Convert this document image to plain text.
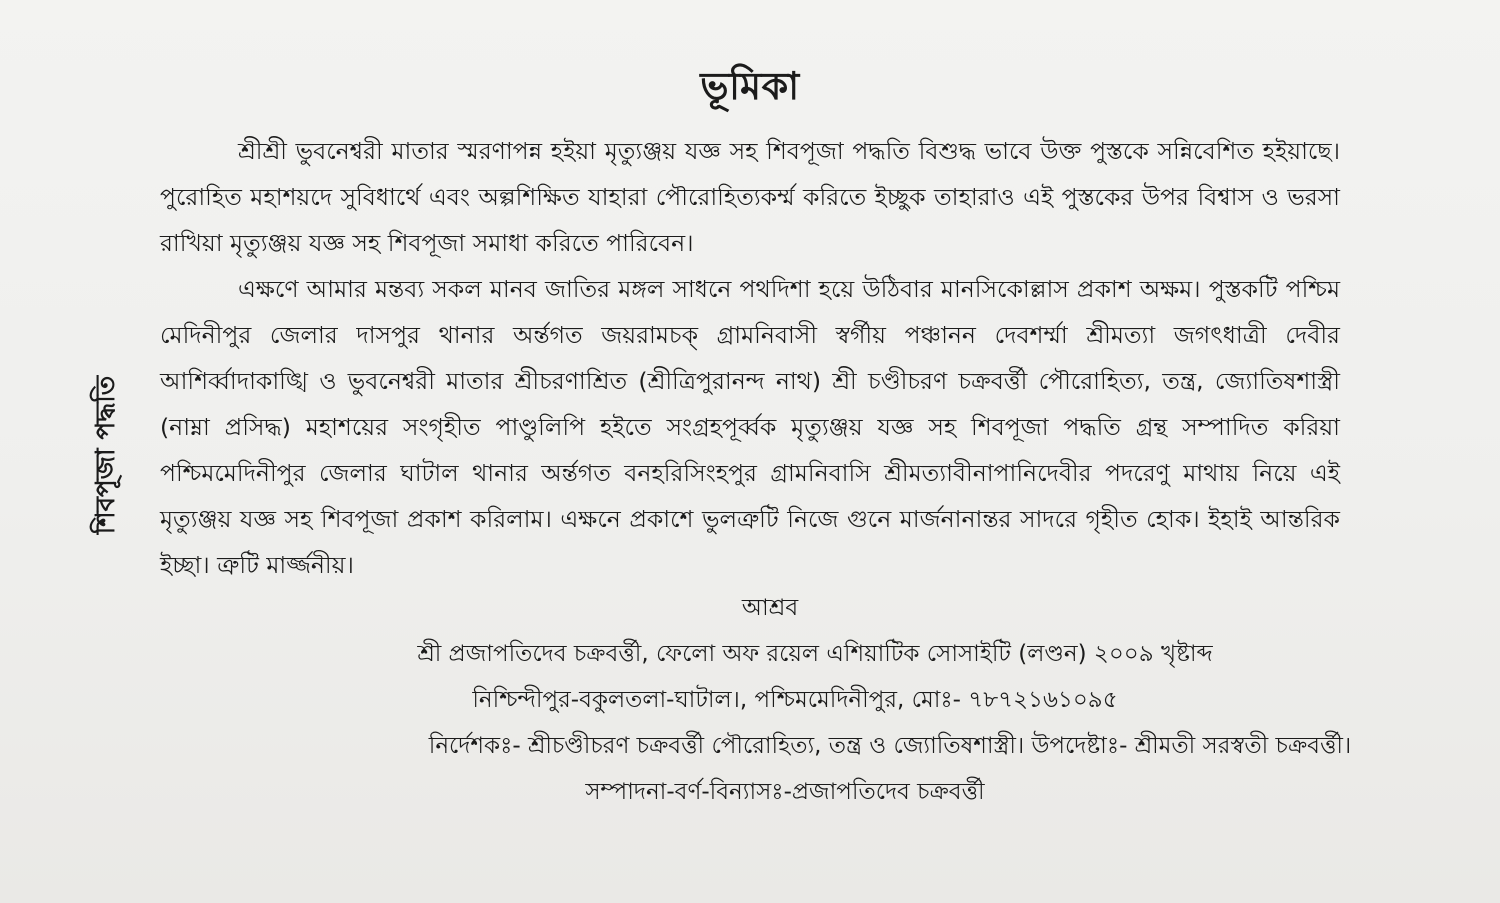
ভূমিকা
শিবপূজা পদ্ধতি

শ্রীশ্রী ভুবনেশ্বরী মাতার স্মরণাপন্ন হইয়া মৃত্যুঞ্জয় যজ্ঞ সহ শিবপূজা পদ্ধতি বিশুদ্ধ ভাবে উক্ত পুস্তকে সন্নিবেশিত হইয়াছে। পুরোহিত মহাশয়দে সুবিধার্থে এবং অল্পশিক্ষিত যাহারা পৌরোহিত্যকর্ম্ম করিতে ইচ্ছুক তাহারাও এই পুস্তকের উপর বিশ্বাস ও ভরসা রাখিয়া মৃত্যুঞ্জয় যজ্ঞ সহ শিবপূজা সমাধা করিতে পারিবেন।

এক্ষণে আমার মন্তব্য সকল মানব জাতির মঙ্গল সাধনে পথদিশা হয়ে উঠিবার মানসিকোল্লাস প্রকাশ অক্ষম। পুস্তকটি পশ্চিম মেদিনীপুর জেলার দাসপুর থানার অর্ন্তগত জয়রামচক্ গ্রামনিবাসী স্বর্গীয় পঞ্চানন দেবশর্ম্মা শ্রীমত্যা জগৎধাত্রী দেবীর আশির্ব্বাদাকাঙ্খি ও ভুবনেশ্বরী মাতার শ্রীচরণাশ্রিত (শ্রীত্রিপুরানন্দ নাথ) শ্রী চণ্ডীচরণ চক্রবর্ত্তী পৌরোহিত্য, তন্ত্র, জ্যোতিষশাস্ত্রী (নাম্না প্রসিদ্ধ) মহাশয়ের সংগৃহীত পাণ্ডুলিপি হইতে সংগ্রহপূর্ব্বক মৃত্যুঞ্জয় যজ্ঞ সহ শিবপূজা পদ্ধতি গ্রন্থ সম্পাদিত করিয়া পশ্চিমমেদিনীপুর জেলার ঘাটাল থানার অর্ন্তগত বনহরিসিংহপুর গ্রামনিবাসি শ্রীমত্যাবীনাপানিদেবীর পদরেণু মাথায় নিয়ে এই মৃত্যুঞ্জয় যজ্ঞ সহ শিবপূজা প্রকাশ করিলাম। এক্ষনে প্রকাশে ভুলত্রুটি নিজে গুনে মার্জনানান্তর সাদরে গৃহীত হোক। ইহাই আন্তরিক ইচ্ছা। ত্রুটি মার্জ্জনীয়।

আশ্রব
শ্রী প্রজাপতিদেব চক্রবর্ত্তী, ফেলো অফ রয়েল এশিয়াটিক সোসাইটি (লণ্ডন) ২০০৯ খৃষ্টাব্দ
নিশ্চিন্দীপুর-বকুলতলা-ঘাটাল।, পশ্চিমমেদিনীপুর, মোঃ- ৭৮৭২১৬১০৯৫
নির্দেশকঃ- শ্রীচণ্ডীচরণ চক্রবর্ত্তী পৌরোহিত্য, তন্ত্র ও জ্যোতিষশাস্ত্রী। উপদেষ্টাঃ- শ্রীমতী সরস্বতী চক্রবর্ত্তী।
সম্পাদনা-বর্ণ-বিন্যাসঃ-প্রজাপতিদেব চক্রবর্ত্তী
